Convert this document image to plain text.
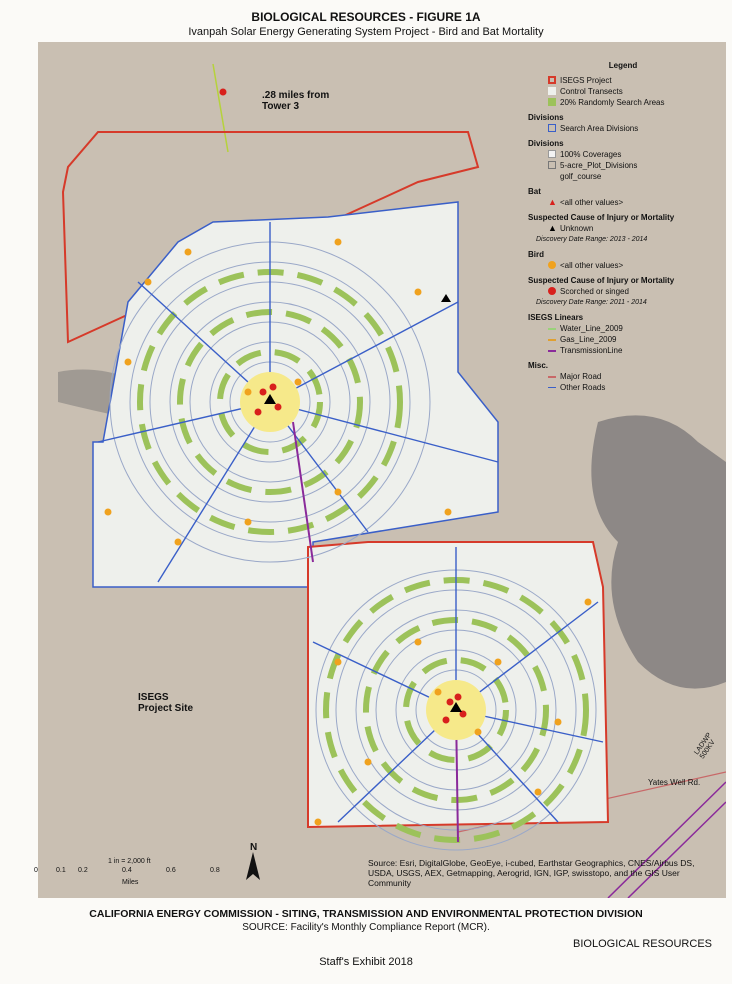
BIOLOGICAL RESOURCES - FIGURE 1A
Ivanpah Solar Energy Generating System Project - Bird and Bat Mortality
.28 miles from
Tower 3
ISEGS
Project Site
Yates Well Rd.
LADWP 500KV
N
1 in = 2,000 ft
0	0.1 0.2	0.4	0.6	0.8
Miles
Source: Esri, DigitalGlobe, GeoEye, i-cubed, Earthstar Geographics, CNES/Airbus DS, USDA, USGS, AEX, Getmapping, Aerogrid, IGN, IGP, swisstopo, and the GIS User Community
Legend
ISEGS Project
Control Transects
20% Randomly Search Areas
Divisions
Search Area Divisions
Divisions
100% Coverages
5-acre_Plot_Divisions
golf_course
Bat
▲ <all other values>
Suspected Cause of Injury or Mortality
▲ Unknown
Discovery Date Range: 2013 - 2014
Bird
<all other values>
Suspected Cause of Injury or Mortality
Scorched or singed
Discovery Date Range: 2011 - 2014
ISEGS Linears
Water_Line_2009
Gas_Line_2009
TransmissionLine
Misc.
Major Road
Other Roads
CALIFORNIA ENERGY COMMISSION - SITING, TRANSMISSION AND ENVIRONMENTAL PROTECTION DIVISION
SOURCE: Facility's Monthly Compliance Report (MCR).
BIOLOGICAL RESOURCES
Staff's Exhibit 2018
